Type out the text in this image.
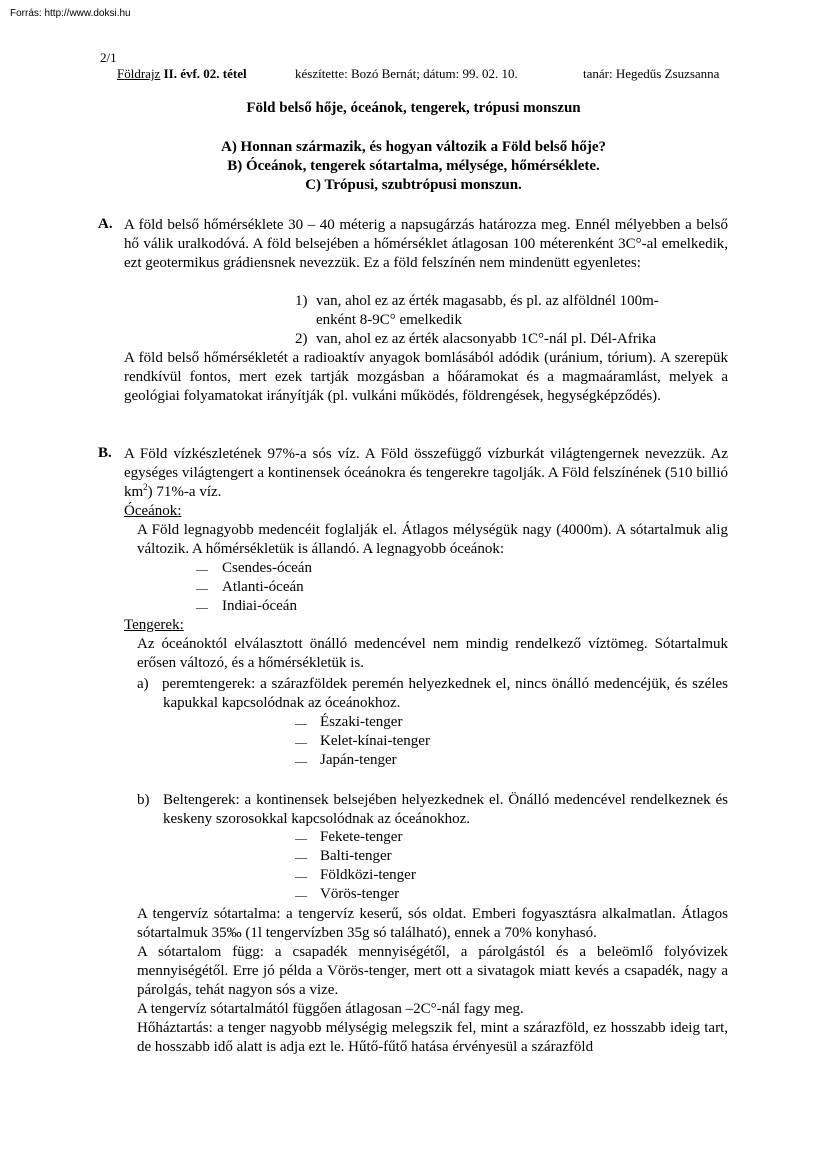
Forrás: http://www.doksi.hu
2/1
Földrajz II. évf. 02. tétel	készítette: Bozó Bernát; dátum: 99. 02. 10.	tanár: Hegedűs Zsuzsanna
Föld belső hője, óceánok, tengerek, trópusi monszun
A) Honnan származik, és hogyan változik a Föld belső hője?
B) Óceánok, tengerek sótartalma, mélysége, hőmérséklete.
C) Trópusi, szubtrópusi monszun.
A. A föld belső hőmérséklete 30 – 40 méterig a napsugárzás határozza meg. Ennél mélyebben a belső hő válik uralkodóvá. A föld belsejében a hőmérséklet átlagosan 100 méterenként 3C°-al emelkedik, ezt geotermikus grádiensnek nevezzük. Ez a föld felszínén nem mindenütt egyenletes:
1) van, ahol ez az érték magasabb, és pl. az alföldnél 100m-
enként 8-9C° emelkedik
2) van, ahol ez az érték alacsonyabb 1C°-nál pl. Dél-Afrika
A föld belső hőmérsékletét a radioaktív anyagok bomlásából adódik (uránium, tórium). A szerepük rendkívül fontos, mert ezek tartják mozgásban a hőáramokat és a magmaáramlást, melyek a geológiai folyamatokat irányítják (pl. vulkáni működés, földrengések, hegységképződés).
B. A Föld vízkészletének 97%-a sós víz. A Föld összefüggő vízburkát világtengernek nevezzük. Az egységes világtengert a kontinensek óceánokra és tengerekre tagolják. A Föld felszínének (510 billió $km^2$) 71%-a víz.
Óceánok:
A Föld legnagyobb medencéit foglalják el. Átlagos mélységük nagy (4000m). A sótartalmuk alig változik. A hőmérsékletük is állandó. A legnagyobb óceánok:
— Csendes-óceán
— Atlanti-óceán
— Indiai-óceán
Tengerek:
Az óceánoktól elválasztott önálló medencével nem mindig rendelkező víztömeg. Sótartalmuk erősen változó, és a hőmérsékletük is.
a) peremtengerek: a szárazföldek peremén helyezkednek el, nincs önálló medencéjük, és széles kapukkal kapcsolódnak az óceánokhoz.
— Északi-tenger
— Kelet-kínai-tenger
— Japán-tenger
b) Beltengerek: a kontinensek belsejében helyezkednek el. Önálló medencével rendelkeznek és keskeny szorosokkal kapcsolódnak az óceánokhoz.
— Fekete-tenger
— Balti-tenger
— Földközi-tenger
— Vörös-tenger
A tengervíz sótartalma: a tengervíz keserű, sós oldat. Emberi fogyasztásra alkalmatlan. Átlagos sótartalmuk 35‰ (1l tengervízben 35g só található), ennek a 70% konyhasó.
A sótartalom függ: a csapadék mennyiségétől, a párolgástól és a beleömlő folyóvizek mennyiségétől. Erre jó példa a Vörös-tenger, mert ott a sivatagok miatt kevés a csapadék, nagy a párolgás, tehát nagyon sós a vize.
A tengervíz sótartalmától függően átlagosan –2C°-nál fagy meg.
Hőháztartás: a tenger nagyobb mélységig melegszik fel, mint a szárazföld, ez hosszabb ideig tart, de hosszabb idő alatt is adja ezt le. Hűtő-fűtő hatása érvényesül a szárazföld
